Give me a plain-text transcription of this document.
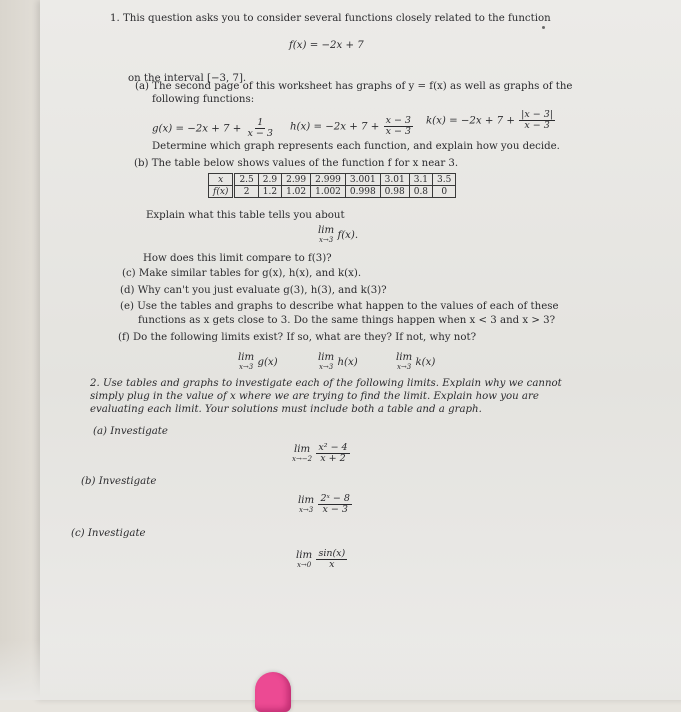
1. This question asks you to consider several functions closely related to the function
f(x) = −2x + 7
on the interval [−3, 7].
(a) The second page of this worksheet has graphs of y = f(x) as well as graphs of the
following functions:
$g(x) = -2x + 7 + \frac{1}{x - 3} h(x) = -2x + 7 + \frac{x - 3}{x - 3} k(x) = -2x + 7 + \frac{|x - 3|}{x - 3}$
Determine which graph represents each function, and explain how you decide.
(b) The table below shows values of the function f for x near 3.
x	2.5	2.9	2.99	2.999	3.001	3.01	3.1	3.5
f(x)	2	1.2	1.02	1.002	0.998	0.98	0.8	0
Explain what this table tells you about
lim
x→3 f(x).
How does this limit compare to f(3)?
(c) Make similar tables for g(x), h(x), and k(x).
(d) Why can't you just evaluate g(3), h(3), and k(3)?
(e) Use the tables and graphs to describe what happen to the values of each of these
functions as x gets close to 3. Do the same things happen when x < 3 and x > 3?
(f) Do the following limits exist? If so, what are they? If not, why not?
lim
x→3 g(x)	lim
x→3 h(x)	lim
x→3 k(x)
2. Use tables and graphs to investigate each of the following limits. Explain why we cannot
simply plug in the value of x where we are trying to find the limit. Explain how you are
evaluating each limit. Your solutions must include both a table and a graph.
(a) Investigate
lim
x→−2
$\frac{\text{x² − 4}}{x + 2}$
(b) Investigate
lim
x→3
$\frac{\text{2ˣ − 8}}{x - 3}$
(c) Investigate
lim
x→0
$\frac{\sin(x)}{x}$
